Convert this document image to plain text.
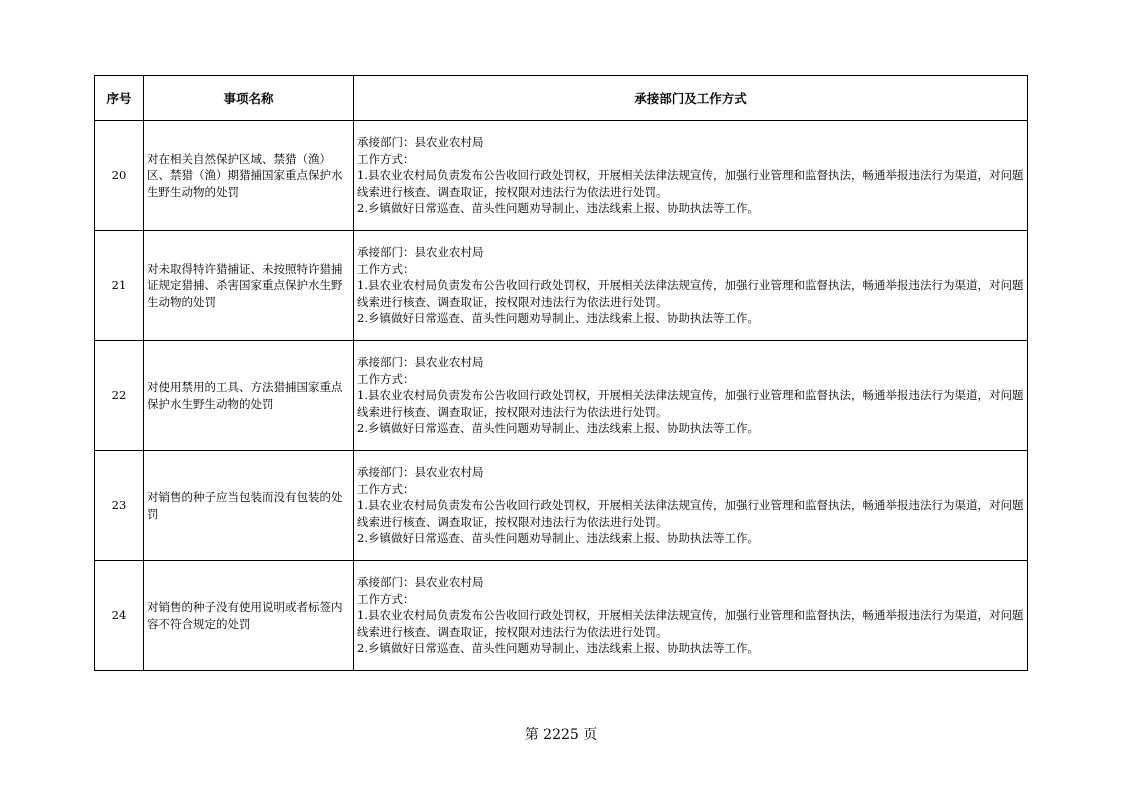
序号	事项名称	承接部门及工作方式
20	对在相关自然保护区域、禁猎（渔）区、禁猎（渔）期猎捕国家重点保护水生野生动物的处罚	承接部门：县农业农村局
工作方式：
1.县农业农村局负责发布公告收回行政处罚权，开展相关法律法规宣传，加强行业管理和监督执法，畅通举报违法行为渠道，对问题线索进行核查、调查取证，按权限对违法行为依法进行处罚。
2.乡镇做好日常巡查、苗头性问题劝导制止、违法线索上报、协助执法等工作。

21	对未取得特许猎捕证、未按照特许猎捕证规定猎捕、杀害国家重点保护水生野生动物的处罚	承接部门：县农业农村局
工作方式：
1.县农业农村局负责发布公告收回行政处罚权，开展相关法律法规宣传，加强行业管理和监督执法，畅通举报违法行为渠道，对问题线索进行核查、调查取证，按权限对违法行为依法进行处罚。
2.乡镇做好日常巡查、苗头性问题劝导制止、违法线索上报、协助执法等工作。

22	对使用禁用的工具、方法猎捕国家重点保护水生野生动物的处罚	承接部门：县农业农村局
工作方式：
1.县农业农村局负责发布公告收回行政处罚权，开展相关法律法规宣传，加强行业管理和监督执法，畅通举报违法行为渠道，对问题线索进行核查、调查取证，按权限对违法行为依法进行处罚。
2.乡镇做好日常巡查、苗头性问题劝导制止、违法线索上报、协助执法等工作。

23	对销售的种子应当包装而没有包装的处罚	承接部门：县农业农村局
工作方式：
1.县农业农村局负责发布公告收回行政处罚权，开展相关法律法规宣传，加强行业管理和监督执法，畅通举报违法行为渠道，对问题线索进行核查、调查取证，按权限对违法行为依法进行处罚。
2.乡镇做好日常巡查、苗头性问题劝导制止、违法线索上报、协助执法等工作。

24	对销售的种子没有使用说明或者标签内容不符合规定的处罚	承接部门：县农业农村局
工作方式：
1.县农业农村局负责发布公告收回行政处罚权，开展相关法律法规宣传，加强行业管理和监督执法，畅通举报违法行为渠道，对问题线索进行核查、调查取证，按权限对违法行为依法进行处罚。
2.乡镇做好日常巡查、苗头性问题劝导制止、违法线索上报、协助执法等工作。
第 2225 页
